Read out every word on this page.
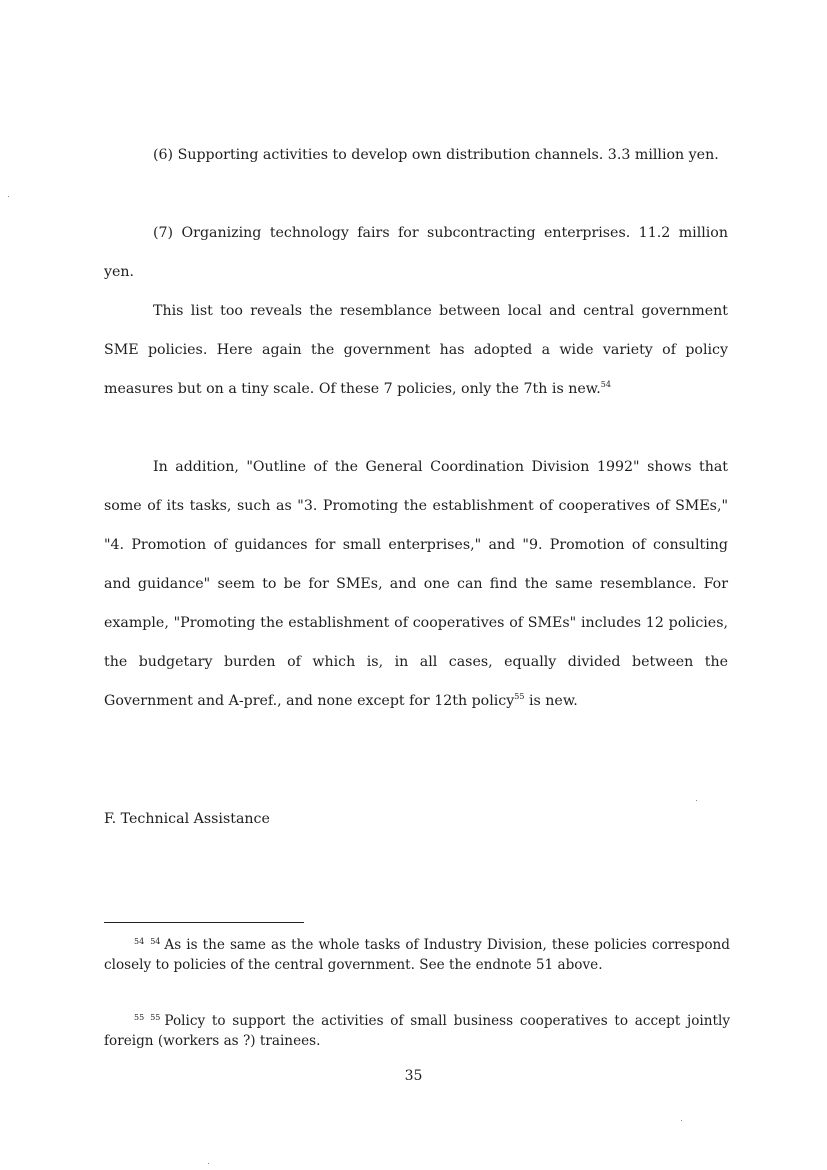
(6) Supporting activities to develop own distribution channels. 3.3 million yen.

(7) Organizing technology fairs for subcontracting enterprises. 11.2 million yen.

This list too reveals the resemblance between local and central government SME policies. Here again the government has adopted a wide variety of policy measures but on a tiny scale. Of these 7 policies, only the 7th is new.$^{54}$

In addition, "Outline of the General Coordination Division 1992" shows that some of its tasks, such as "3. Promoting the establishment of cooperatives of SMEs," "4. Promotion of guidances for small enterprises," and "9. Promotion of consulting and guidance" seem to be for SMEs, and one can find the same resemblance. For example, "Promoting the establishment of cooperatives of SMEs" includes 12 policies, the budgetary burden of which is, in all cases, equally divided between the Government and A-pref., and none except for 12th policy$^{55}$ is new.

F. Technical Assistance

$^{54}$ $^{54}$ As is the same as the whole tasks of Industry Division, these policies correspond closely to policies of the central government. See the endnote 51 above.

$^{55}$ $^{55}$ Policy to support the activities of small business cooperatives to accept jointly foreign (workers as ?) trainees.

35
